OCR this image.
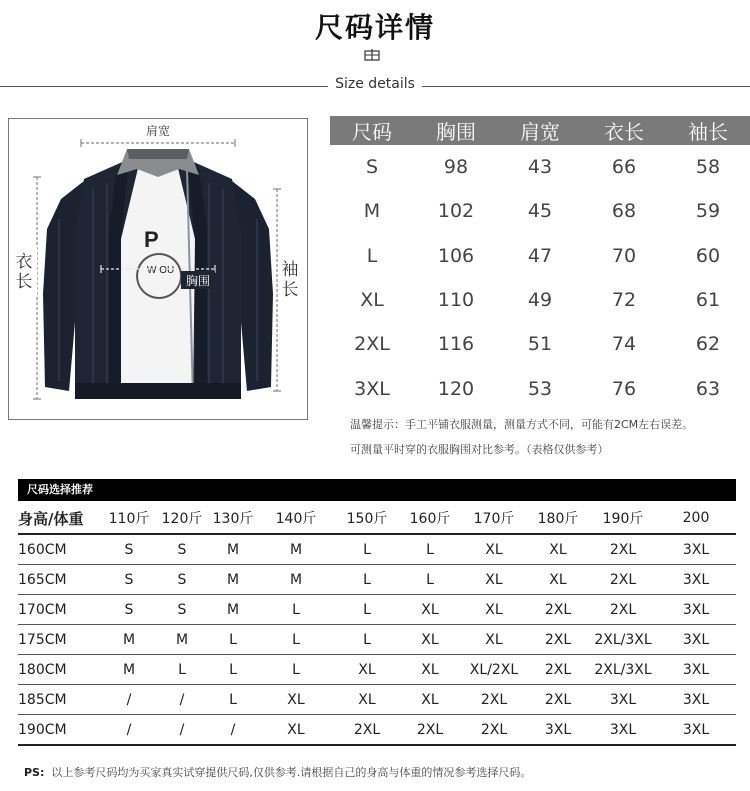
尺码详情
Size details
P
W OU
肩宽
胸围
衣长
袖长
尺码	胸围	肩宽	衣长	袖长
S	98	43	66	58
M	102	45	68	59
L	106	47	70	60
XL	110	49	72	61
2XL	116	51	74	62
3XL	120	53	76	63
温馨提示：手工平铺衣服测量，测量方式不同，可能有2CM左右误差。
可测量平时穿的衣服胸围对比参考。（表格仅供参考）
尺码选择推荐
身高/体重	110斤	120斤	130斤	140斤	150斤	160斤	170斤	180斤	190斤	200
160CM	S	S	M	M	L	L	XL	XL	2XL	3XL
165CM	S	S	M	M	L	L	XL	XL	2XL	3XL
170CM	S	S	M	L	L	XL	XL	2XL	2XL	3XL
175CM	M	M	L	L	L	XL	XL	2XL	2XL/3XL	3XL
180CM	M	L	L	L	XL	XL	XL/2XL	2XL	2XL/3XL	3XL
185CM	/	/	L	XL	XL	XL	2XL	2XL	3XL	3XL
190CM	/	/	/	XL	2XL	2XL	2XL	3XL	3XL	3XL
PS: 以上参考尺码均为买家真实试穿提供尺码,仅供参考.请根据自己的身高与体重的情况参考选择尺码。
